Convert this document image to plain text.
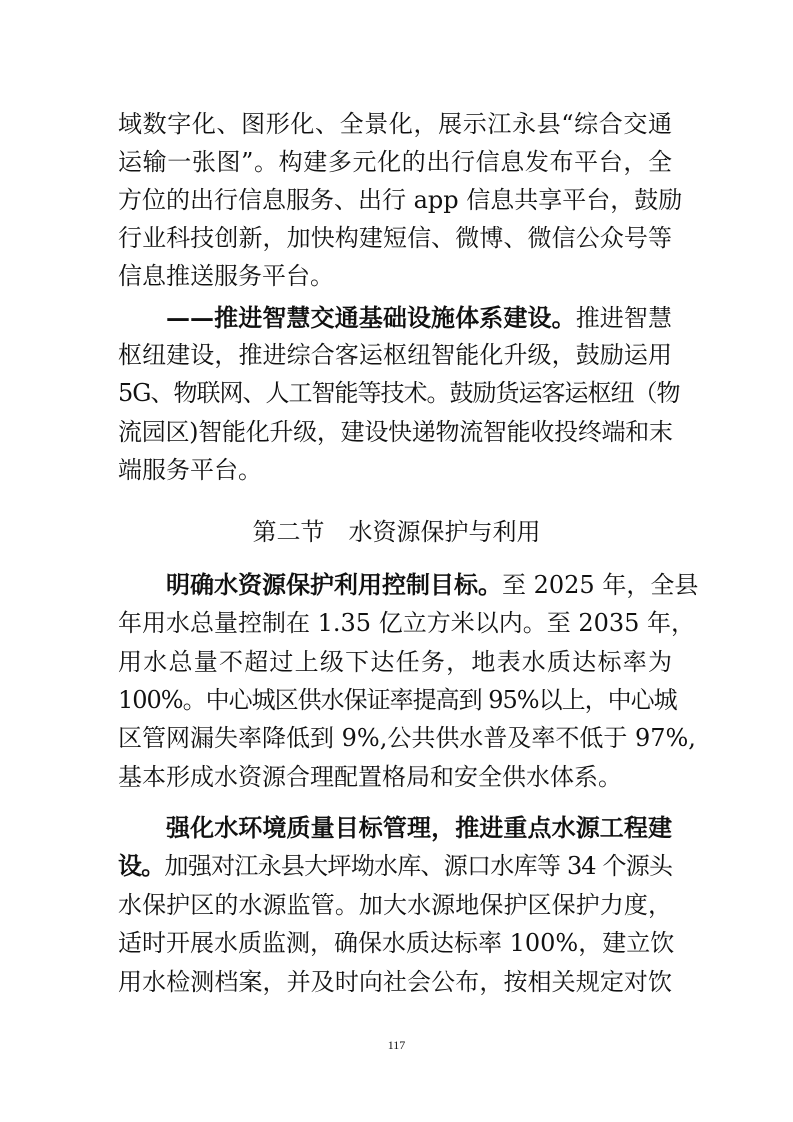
域数字化、图形化、全景化，展示江永县“综合交通
运输一张图”。构建多元化的出行信息发布平台，全
方位的出行信息服务、出行 app 信息共享平台，鼓励
行业科技创新，加快构建短信、微博、微信公众号等
信息推送服务平台。
——推进智慧交通基础设施体系建设。推进智慧
枢纽建设，推进综合客运枢纽智能化升级，鼓励运用
5G、物联网、人工智能等技术。鼓励货运客运枢纽（物
流园区)智能化升级，建设快递物流智能收投终端和末
端服务平台。
第二节　水资源保护与利用
明确水资源保护利用控制目标。至 2025 年，全县
年用水总量控制在 1.35 亿立方米以内。至 2035 年，
用水总量不超过上级下达任务，地表水质达标率为
100%。中心城区供水保证率提高到 95%以上，中心城
区管网漏失率降低到 9%,公共供水普及率不低于 97%,
基本形成水资源合理配置格局和安全供水体系。
强化水环境质量目标管理，推进重点水源工程建
设。加强对江永县大坪坳水库、源口水库等 34 个源头
水保护区的水源监管。加大水源地保护区保护力度，
适时开展水质监测，确保水质达标率 100%，建立饮
用水检测档案，并及时向社会公布，按相关规定对饮
117
